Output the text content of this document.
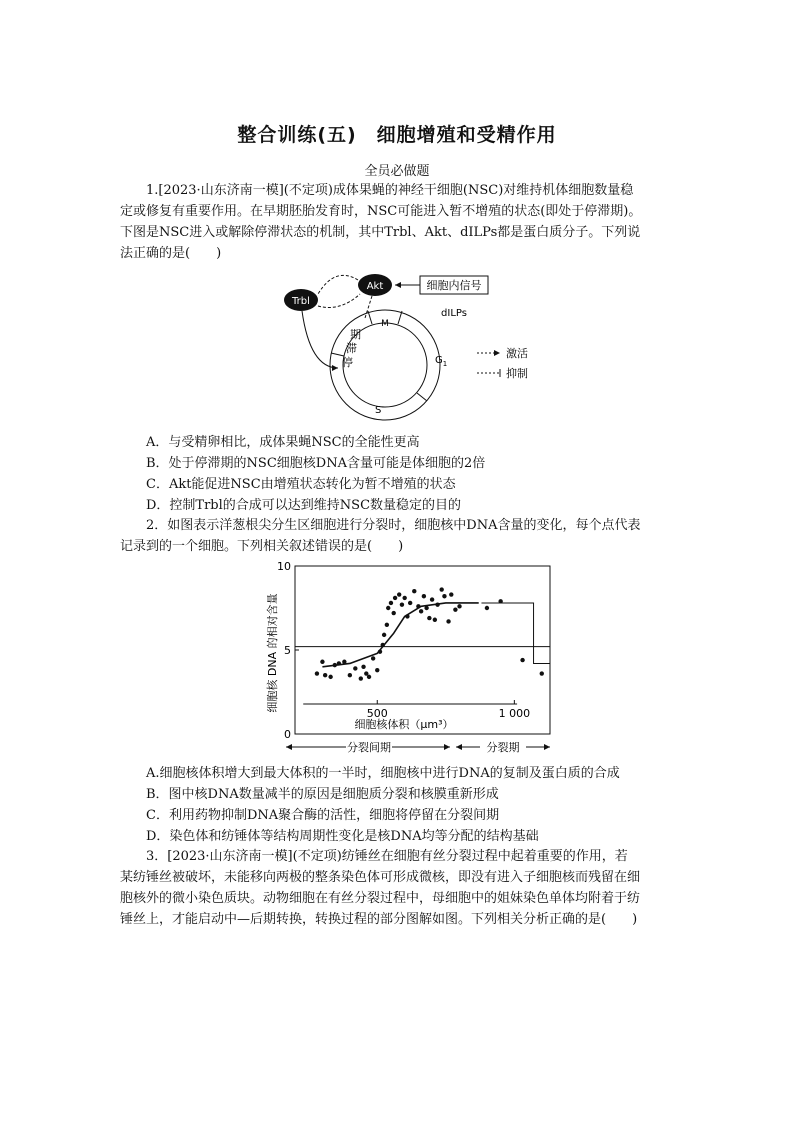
整合训练(五)　细胞增殖和受精作用
全员必做题

1.[2023·山东济南一模](不定项)成体果蝇的神经干细胞(NSC)对维持机体细胞数量稳
定或修复有重要作用。在早期胚胎发育时，NSC可能进入暂不增殖的状态(即处于停滞期)。
下图是NSC进入或解除停滞状态的机制，其中Trbl、Akt、dILPs都是蛋白质分子。下列说
法正确的是(　　)

Trbl
Akt	细胞内信号
dILPs
M
$G_1$
S
期
滞
停
激活
抑制
A．与受精卵相比，成体果蝇NSC的全能性更高
B．处于停滞期的NSC细胞核DNA含量可能是体细胞的2倍
C．Akt能促进NSC由增殖状态转化为暂不增殖的状态
D．控制Trbl的合成可以达到维持NSC数量稳定的目的

2．如图表示洋葱根尖分生区细胞进行分裂时，细胞核中DNA含量的变化，每个点代表
记录到的一个细胞。下列相关叙述错误的是(　　)

细胞核 DNA 的相对含量
0
5
10
500	1 000
细胞核体积（μm³）
分裂间期	分裂期
A.细胞核体积增大到最大体积的一半时，细胞核中进行DNA的复制及蛋白质的合成
B．图中核DNA数量减半的原因是细胞质分裂和核膜重新形成
C．利用药物抑制DNA聚合酶的活性，细胞将停留在分裂间期
D．染色体和纺锤体等结构周期性变化是核DNA均等分配的结构基础

3．[2023·山东济南一模](不定项)纺锤丝在细胞有丝分裂过程中起着重要的作用，若
某纺锤丝被破坏，未能移向两极的整条染色体可形成微核，即没有进入子细胞核而残留在细
胞核外的微小染色质块。动物细胞在有丝分裂过程中，母细胞中的姐妹染色单体均附着于纺
锤丝上，才能启动中—后期转换，转换过程的部分图解如图。下列相关分析正确的是(　　)
